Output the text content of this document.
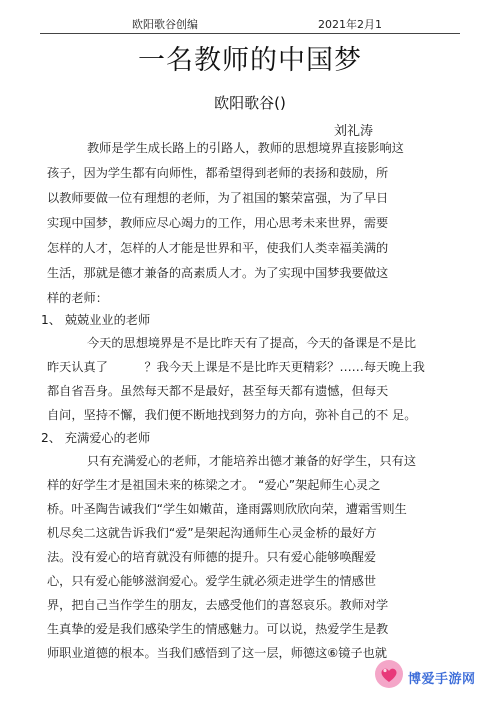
欧阳歌谷创编	2021年2月1
一名教师的中国梦
欧阳歌谷()
刘礼涛
教师是学生成长路上的引路人，教师的思想境界直接影响这
孩子，因为学生都有向师性，都希望得到老师的表扬和鼓励，所
以教师要做一位有理想的老师，为了祖国的繁荣富强，为了早日
实现中国梦，教师应尽心竭力的工作，用心思考未来世界，需要
怎样的人才，怎样的人才能是世界和平，使我们人类幸福美满的
生活，那就是德才兼备的高素质人才。为了实现中国梦我要做这
样的老师：
1、 兢兢业业的老师
今天的思想境界是不是比昨天有了提高，今天的备课是不是比
昨天认真了　　　？我今天上课是不是比昨天更精彩？……每天晚上我
都自省吾身。虽然每天都不是最好，甚至每天都有遗憾，但每天
自问，坚持不懈，我们便不断地找到努力的方向，弥补自己的不 足。
2、 充满爱心的老师
只有充满爱心的老师，才能培养出德才兼备的好学生，只有这
样的好学生才是祖国未来的栋梁之才。 “爱心”架起师生心灵之
桥。叶圣陶告诫我们“学生如嫩苗，逢雨露则欣欣向荣，遭霜雪则生
机尽矣二这就告诉我们“爱”是架起沟通师生心灵金桥的最好方
法。没有爱心的培育就没有师德的提升。只有爱心能够唤醒爱
心，只有爱心能够滋润爱心。爱学生就必须走进学生的情感世
界，把自己当作学生的朋友，去感受他们的喜怒哀乐。教师对学
生真挚的爱是我们感染学生的情感魅力。可以说，热爱学生是教
师职业道德的根本。当我们感悟到了这一层，师德这⑥镜子也就
博爱手游网
